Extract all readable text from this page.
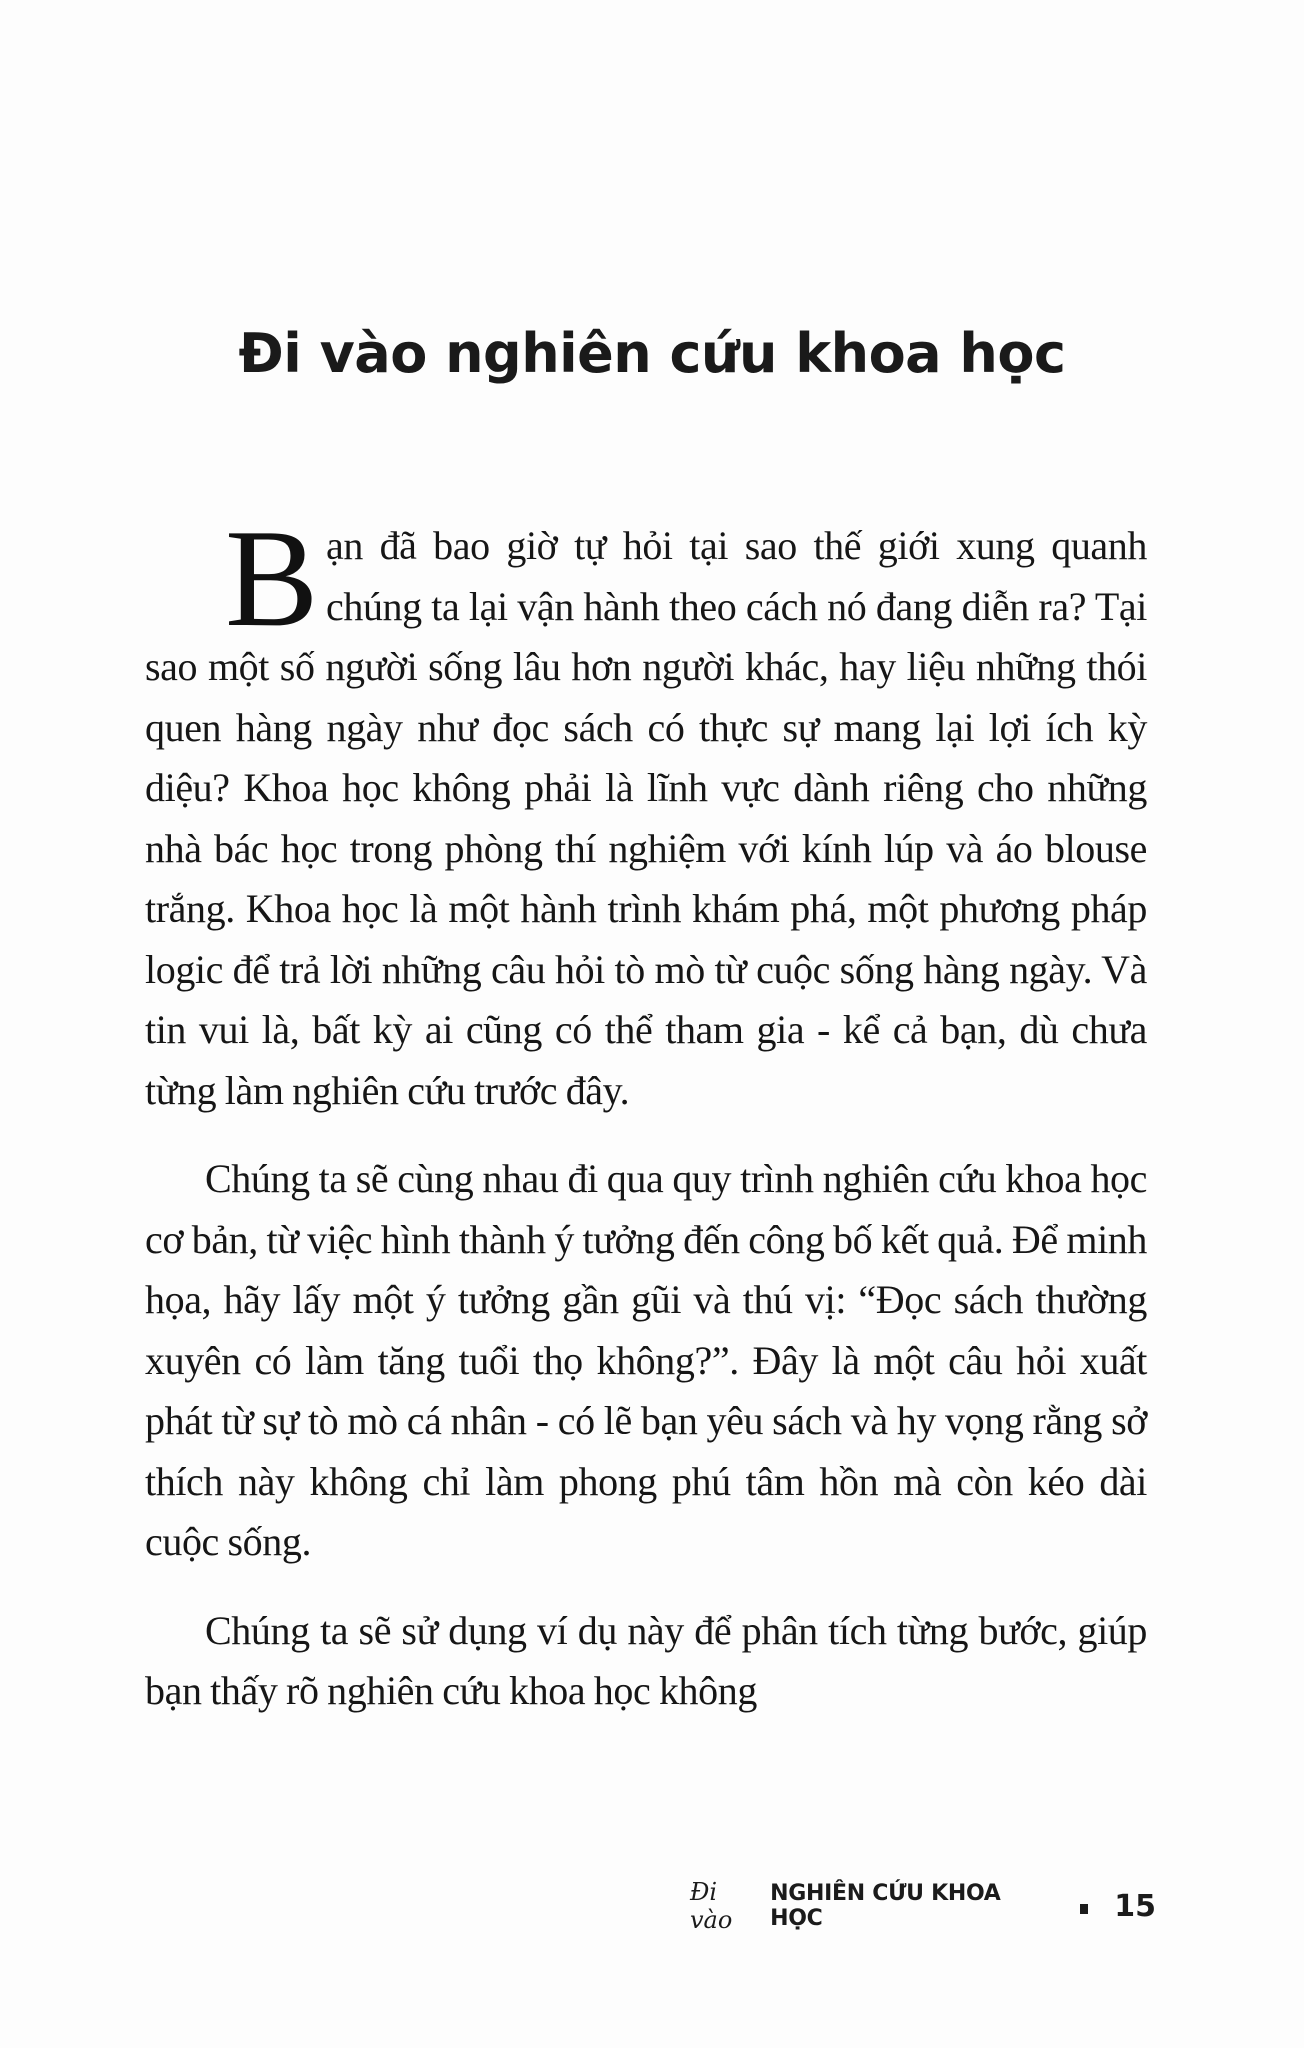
Đi vào nghiên cứu khoa học

Bạn đã bao giờ tự hỏi tại sao thế giới xung quanh chúng ta lại vận hành theo cách nó đang diễn ra? Tại sao một số người sống lâu hơn người khác, hay liệu những thói quen hàng ngày như đọc sách có thực sự mang lại lợi ích kỳ diệu? Khoa học không phải là lĩnh vực dành riêng cho những nhà bác học trong phòng thí nghiệm với kính lúp và áo blouse trắng. Khoa học là một hành trình khám phá, một phương pháp logic để trả lời những câu hỏi tò mò từ cuộc sống hàng ngày. Và tin vui là, bất kỳ ai cũng có thể tham gia - kể cả bạn, dù chưa từng làm nghiên cứu trước đây.

Chúng ta sẽ cùng nhau đi qua quy trình nghiên cứu khoa học cơ bản, từ việc hình thành ý tưởng đến công bố kết quả. Để minh họa, hãy lấy một ý tưởng gần gũi và thú vị: “Đọc sách thường xuyên có làm tăng tuổi thọ không?”. Đây là một câu hỏi xuất phát từ sự tò mò cá nhân - có lẽ bạn yêu sách và hy vọng rằng sở thích này không chỉ làm phong phú tâm hồn mà còn kéo dài cuộc sống.

Chúng ta sẽ sử dụng ví dụ này để phân tích từng bước, giúp bạn thấy rõ nghiên cứu khoa học không

Đi vào
NGHIÊN CỨU KHOA HỌC	15
